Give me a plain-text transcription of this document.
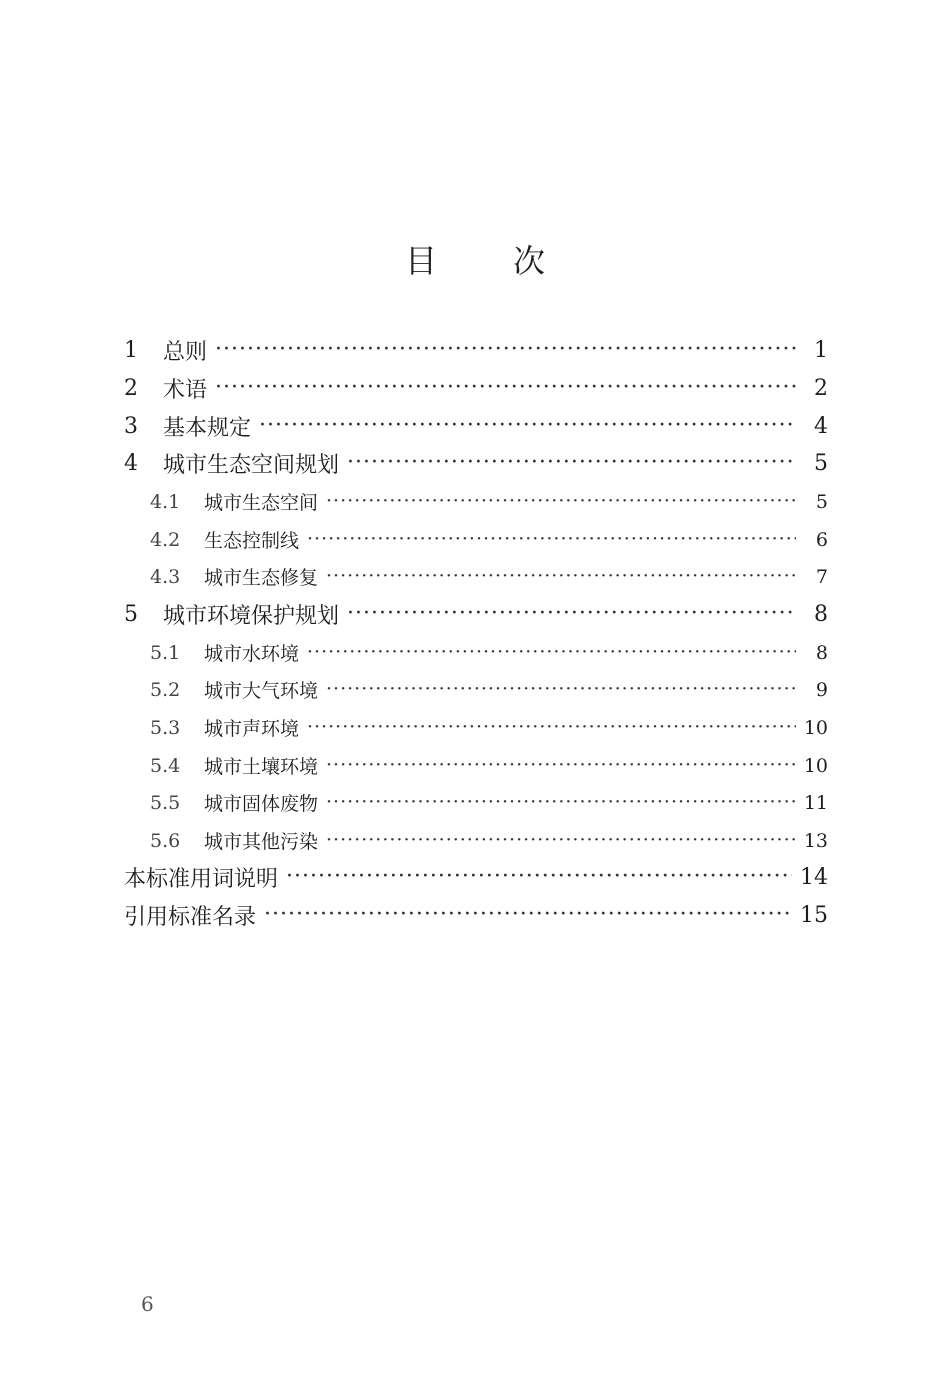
目 次
1	总则 ·····	1
2	术语 ·····	2
3	基本规定 ·····	4
4	城市生态空间规划 ·····	5
4.1	城市生态空间 ·····	5
4.2	生态控制线 ·····	6
4.3	城市生态修复 ·····	7
5	城市环境保护规划 ·····	8
5.1	城市水环境 ·····	8
5.2	城市大气环境 ·····	9
5.3	城市声环境 ·····	10
5.4	城市土壤环境 ·····	10
5.5	城市固体废物 ·····	11
5.6	城市其他污染 ·····	13
本标准用词说明 ·····	14
引用标准名录 ·····	15
6
